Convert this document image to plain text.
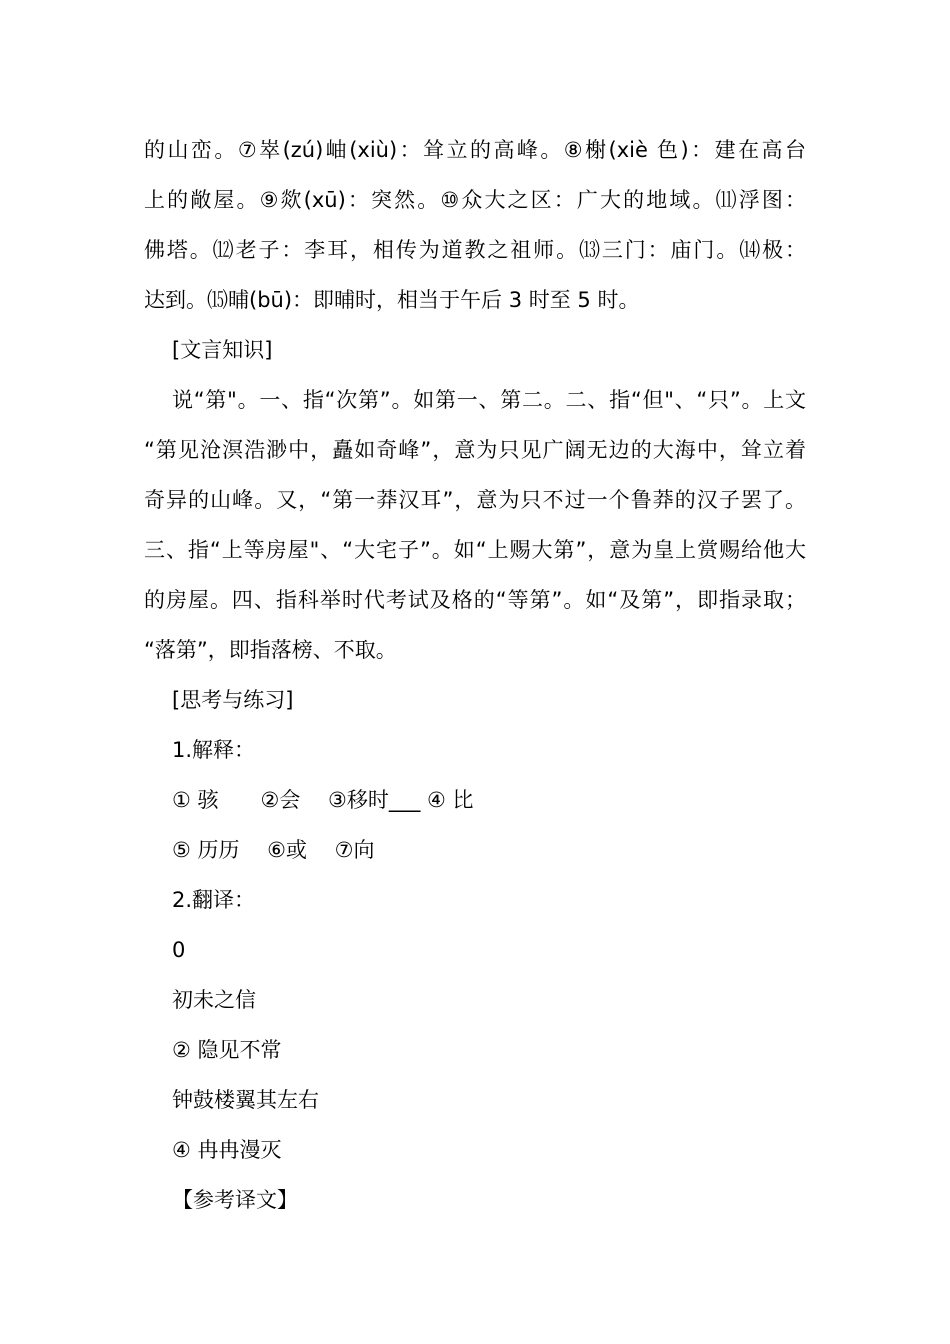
的山峦。⑦崒(zú)岫(xiù)：耸立的高峰。⑧榭(xiè 色)：建在高台
上的敞屋。⑨欻(xū)：突然。⑩众大之区：广大的地域。⑾浮图：
佛塔。⑿老子：李耳，相传为道教之祖师。⒀三门：庙门。⒁极：
达到。⒂晡(bū)：即晡时，相当于午后 3 时至 5 时。
[文言知识]
说“第"。一、指“次第”。如第一、第二。二、指“但"、“只”。上文
“第见沧溟浩渺中，矗如奇峰”，意为只见广阔无边的大海中，耸立着
奇异的山峰。又，“第一莽汉耳”，意为只不过一个鲁莽的汉子罢了。
三、指“上等房屋"、“大宅子”。如“上赐大第”，意为皇上赏赐给他大
的房屋。四、指科举时代考试及格的“等第”。如“及第”，即指录取；
“落第”，即指落榜、不取。
[思考与练习]
1.解释：
① 骇　　②会　 ③移时___ ④ 比
⑤ 历历　 ⑥或　 ⑦向
2.翻译：
0
初未之信
② 隐见不常
钟鼓楼翼其左右
④ 冉冉漫灭
【参考译文】
